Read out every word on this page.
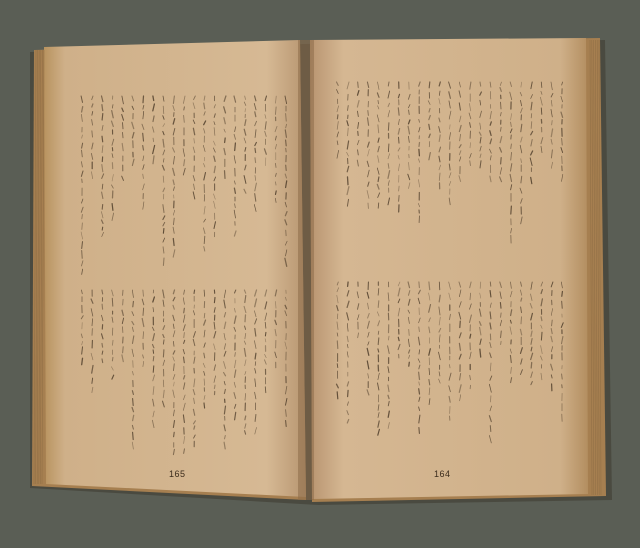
165	164
